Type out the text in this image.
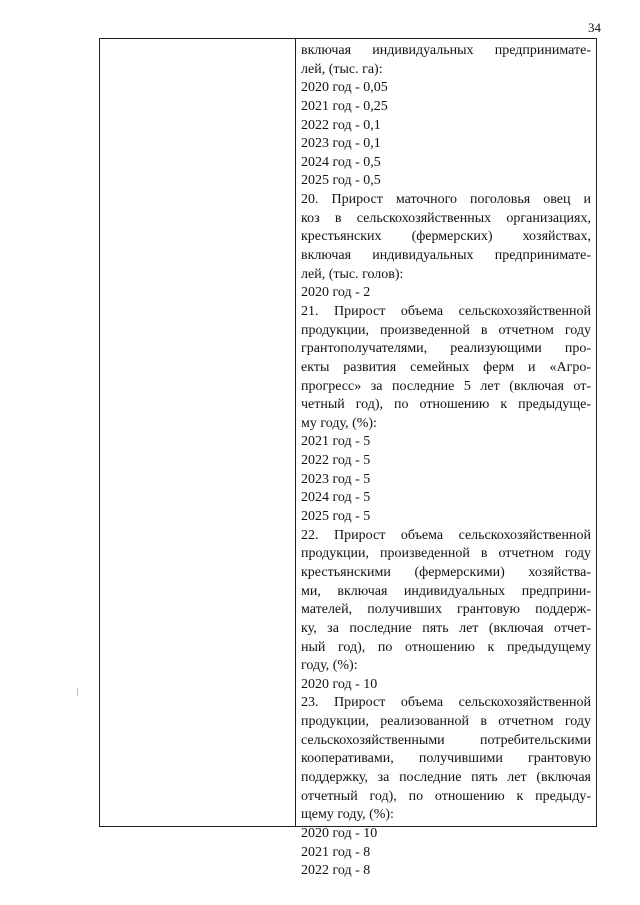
34
включая индивидуальных предпринимате-
лей, (тыс. га):
2020 год - 0,05
2021 год - 0,25
2022 год - 0,1
2023 год - 0,1
2024 год - 0,5
2025 год - 0,5
20. Прирост маточного поголовья овец и
коз в сельскохозяйственных организациях,
крестьянских (фермерских) хозяйствах,
включая индивидуальных предпринимате-
лей, (тыс. голов):
2020 год - 2
21. Прирост объема сельскохозяйственной
продукции, произведенной в отчетном году
грантополучателями, реализующими про-
екты развития семейных ферм и «Агро-
прогресс» за последние 5 лет (включая от-
четный год), по отношению к предыдуще-
му году, (%):
2021 год - 5
2022 год - 5
2023 год - 5
2024 год - 5
2025 год - 5
22. Прирост объема сельскохозяйственной
продукции, произведенной в отчетном году
крестьянскими (фермерскими) хозяйства-
ми, включая индивидуальных предприни-
мателей, получивших грантовую поддерж-
ку, за последние пять лет (включая отчет-
ный год), по отношению к предыдущему
году, (%):
2020 год - 10
23. Прирост объема сельскохозяйственной
продукции, реализованной в отчетном году
сельскохозяйственными потребительскими
кооперативами, получившими грантовую
поддержку, за последние пять лет (включая
отчетный год), по отношению к предыду-
щему году, (%):
2020 год - 10
2021 год - 8
2022 год - 8
